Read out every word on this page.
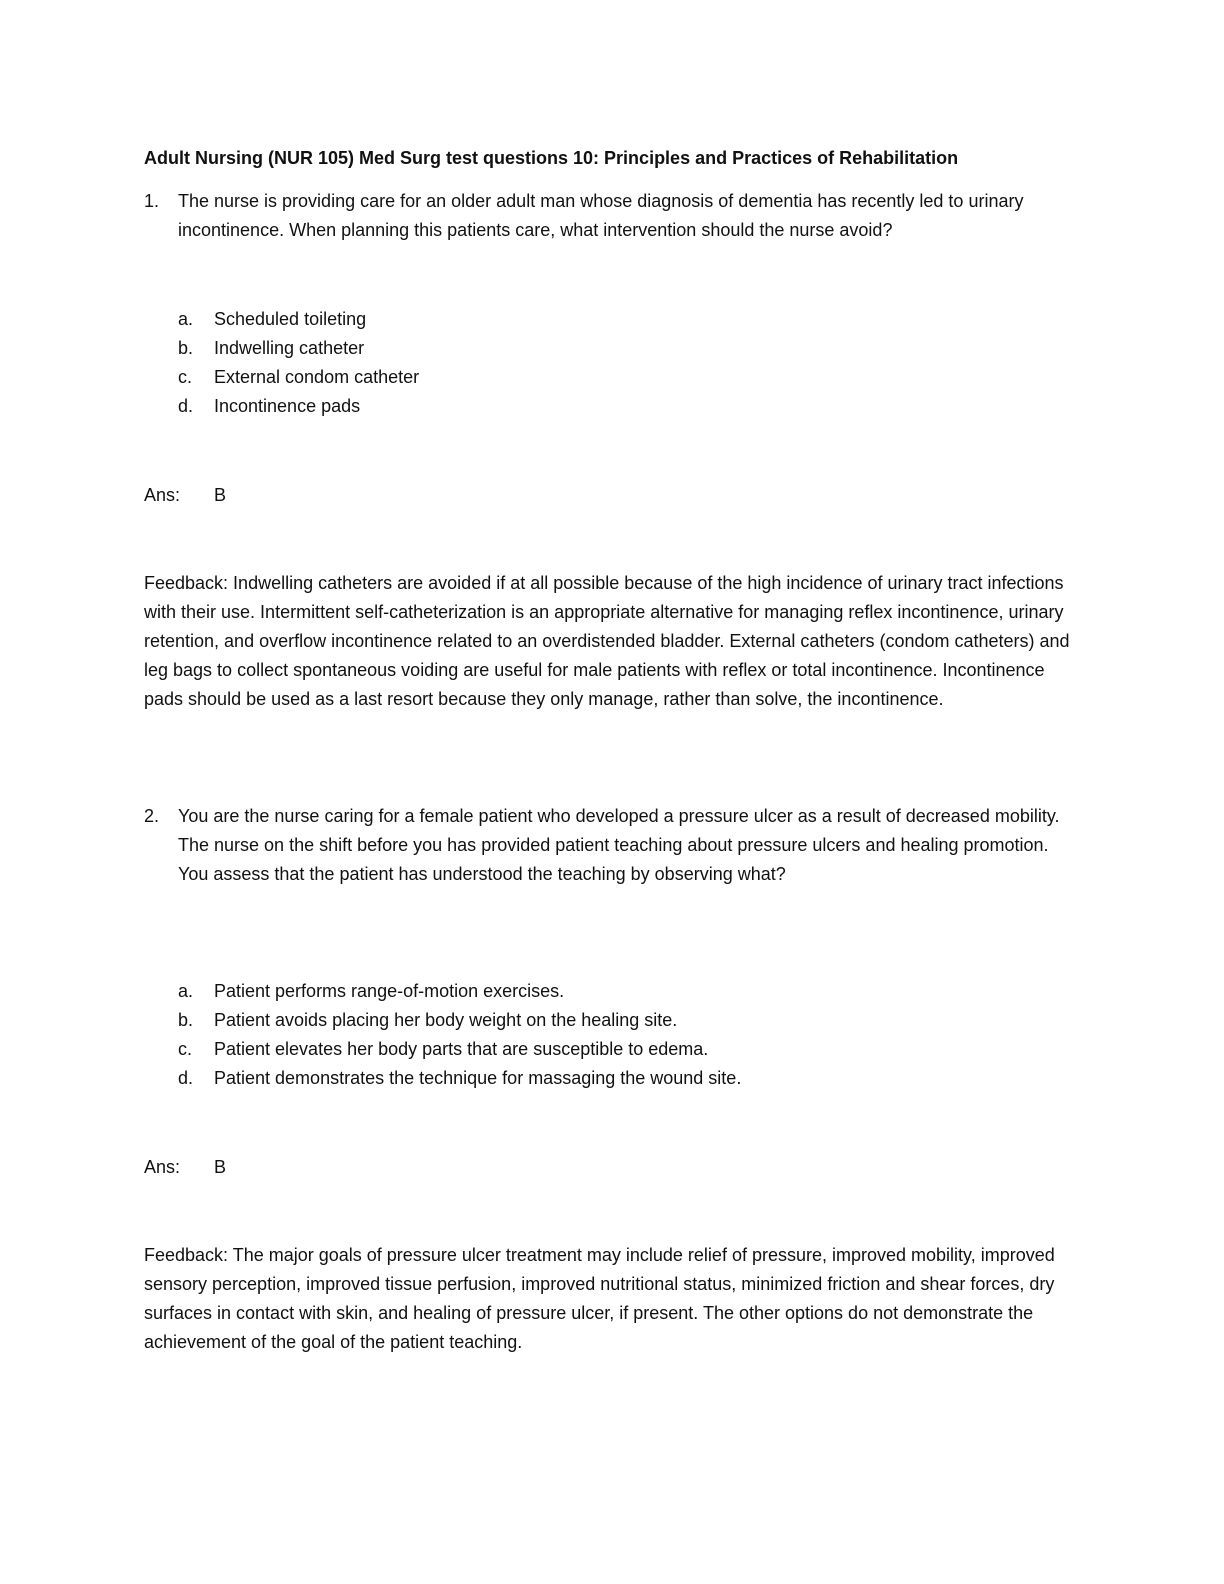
Adult Nursing (NUR 105) Med Surg test questions 10: Principles and Practices of Rehabilitation
1. The nurse is providing care for an older adult man whose diagnosis of dementia has recently led to urinary incontinence. When planning this patients care, what intervention should the nurse avoid?
a. Scheduled toileting
b. Indwelling catheter
c. External condom catheter
d. Incontinence pads
Ans: B
Feedback: Indwelling catheters are avoided if at all possible because of the high incidence of urinary tract infections with their use. Intermittent self-catheterization is an appropriate alternative for managing reflex incontinence, urinary retention, and overflow incontinence related to an overdistended bladder. External catheters (condom catheters) and leg bags to collect spontaneous voiding are useful for male patients with reflex or total incontinence. Incontinence pads should be used as a last resort because they only manage, rather than solve, the incontinence.
2. You are the nurse caring for a female patient who developed a pressure ulcer as a result of decreased mobility. The nurse on the shift before you has provided patient teaching about pressure ulcers and healing promotion. You assess that the patient has understood the teaching by observing what?
a. Patient performs range-of-motion exercises.
b. Patient avoids placing her body weight on the healing site.
c. Patient elevates her body parts that are susceptible to edema.
d. Patient demonstrates the technique for massaging the wound site.
Ans: B
Feedback: The major goals of pressure ulcer treatment may include relief of pressure, improved mobility, improved sensory perception, improved tissue perfusion, improved nutritional status, minimized friction and shear forces, dry surfaces in contact with skin, and healing of pressure ulcer, if present. The other options do not demonstrate the achievement of the goal of the patient teaching.
